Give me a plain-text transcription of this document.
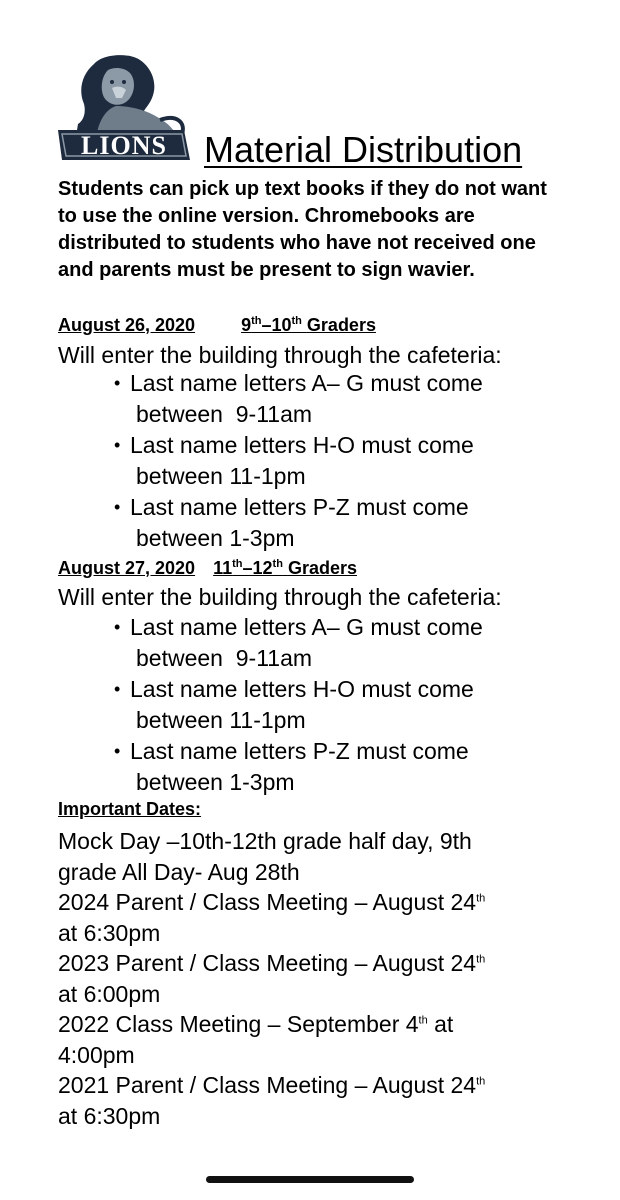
LIONS Material Distribution
Students can pick up text books if they do not want to use the online version. Chromebooks are distributed to students who have not received one and parents must be present to sign wavier.
August 26, 2020	9th–10th Graders
Will enter the building through the cafeteria:
• Last name letters A– G must come
between  9-11am
• Last name letters H-O must come
between 11-1pm
• Last name letters P-Z must come
between 1-3pm
August 27, 2020 11th–12th Graders
Will enter the building through the cafeteria:
• Last name letters A– G must come
between  9-11am
• Last name letters H-O must come
between 11-1pm
• Last name letters P-Z must come
between 1-3pm
Important Dates:
Mock Day –10th-12th grade half day, 9th
grade All Day- Aug 28th
2024 Parent / Class Meeting – August 24th
at 6:30pm
2023 Parent / Class Meeting – August 24th
at 6:00pm
2022 Class Meeting – September 4th at
4:00pm
2021 Parent / Class Meeting – August 24th
at 6:30pm
